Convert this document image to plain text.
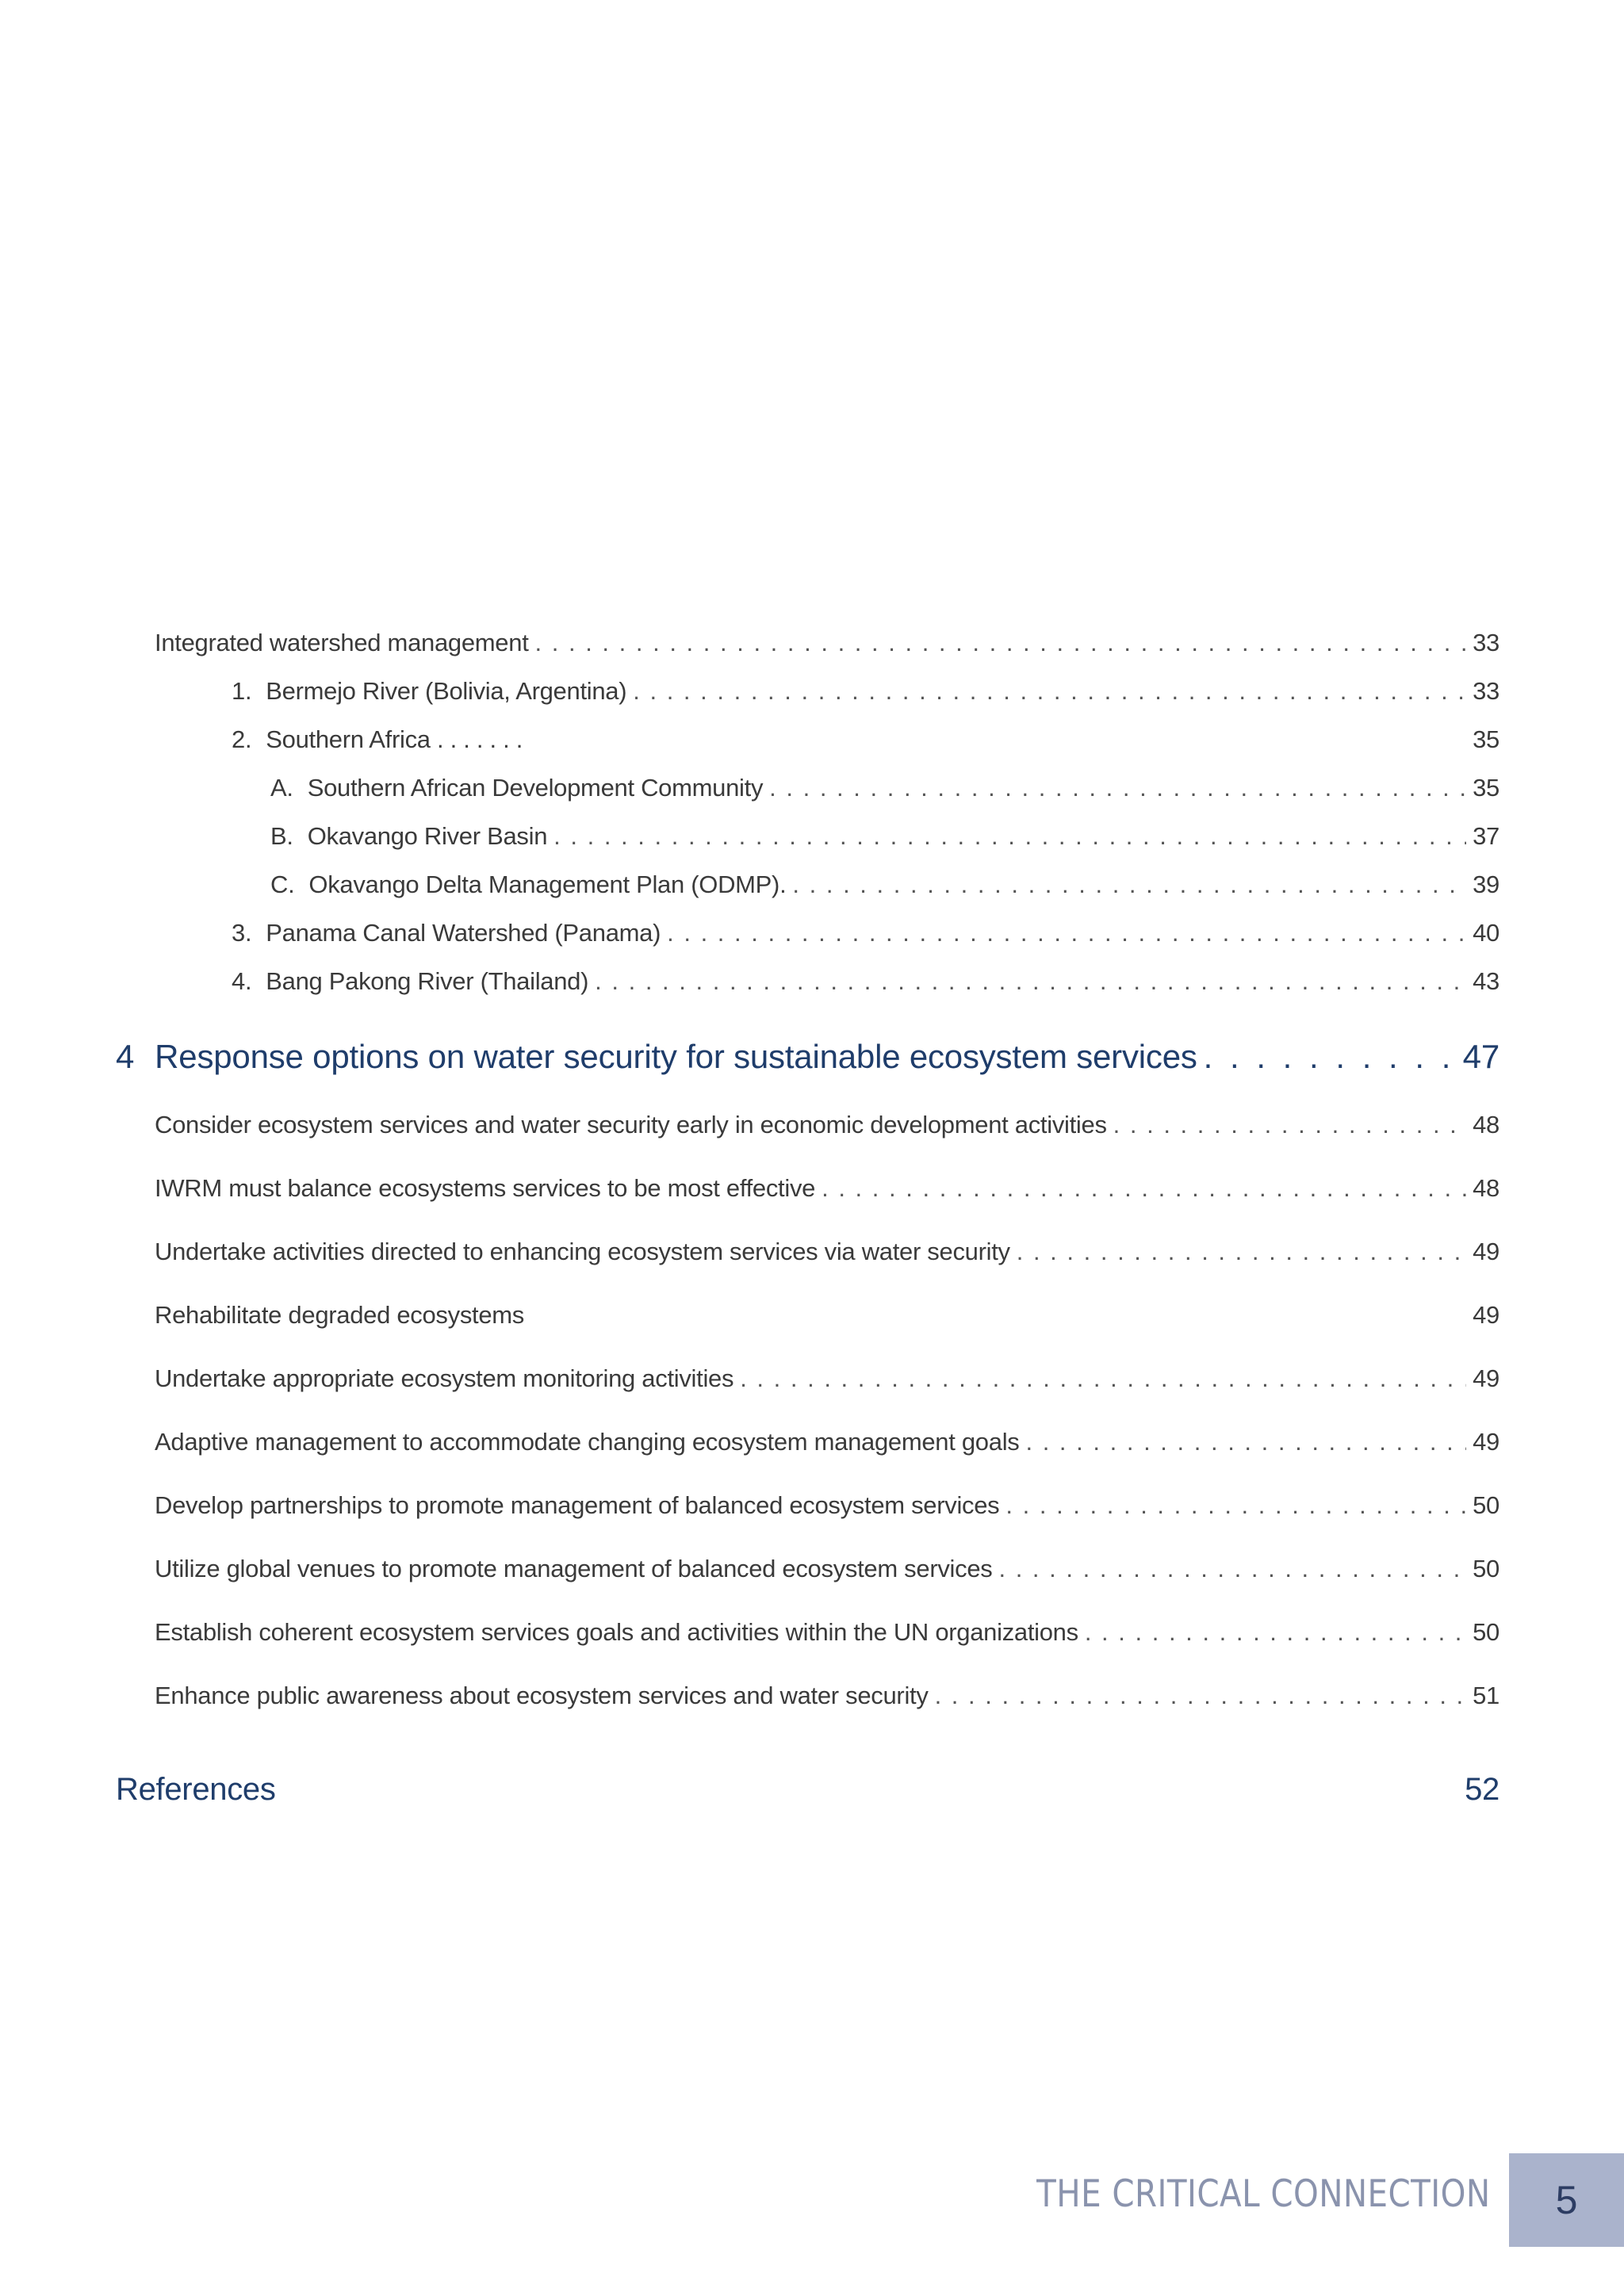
Integrated watershed management . . .	33
1. Bermejo River (Bolivia, Argentina) . . .	33
2. Southern Africa . . . . . . .	35
A. Southern African Development Community . . .	35
B. Okavango River Basin . . .	37
C. Okavango Delta Management Plan (ODMP). . . .	39
3. Panama Canal Watershed (Panama) . . .	40
4. Bang Pakong River (Thailand) . . .	43
4 Response options on water security for sustainable ecosystem services . . .	47
Consider ecosystem services and water security early in economic development activities . . .	48
IWRM must balance ecosystems services to be most effective . . .	48
Undertake activities directed to enhancing ecosystem services via water security . . .	49
Rehabilitate degraded ecosystems	49
Undertake appropriate ecosystem monitoring activities . . .	49
Adaptive management to accommodate changing ecosystem management goals . . .	49
Develop partnerships to promote management of balanced ecosystem services . . .	50
Utilize global venues to promote management of balanced ecosystem services . . .	50
Establish coherent ecosystem services goals and activities within the UN organizations . . .	50
Enhance public awareness about ecosystem services and water security . . .	51
References	52
THE CRITICAL CONNECTION 5
